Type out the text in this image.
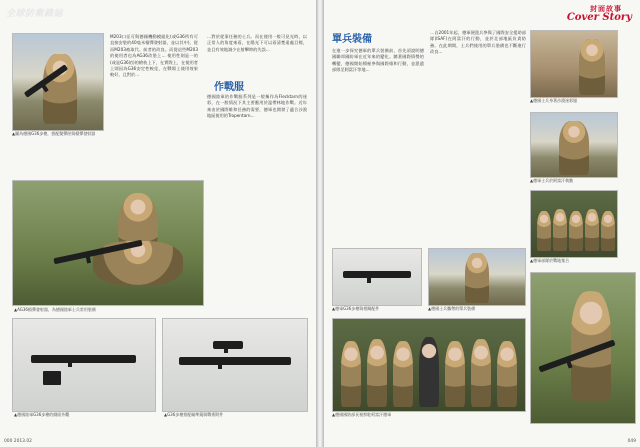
全球防衛雜誌
▲圖為德國G36步槍，搭配雙彈匣與榴彈發射器
M203口徑可與德國機動模組化(或G36所有可直接安裝的40毫米榴彈發射器，並以其中)，從而M203被取代。前者的改良。而從這些M203的使用者也為AG36改裝上… 使用性則是一的(或是G36的)的槍枝上下，在實際上，在使用者上則因為G36安定性較佳，在戰場上使用效果較好，且對於…
…對於從事任務的士兵。而在使用一般可見光時，以正常人的角度來看，在陽光下可以看清楚遠處目標，並且有效地減少在射擊時的失誤…
作戰服
德國陸軍的作戰服系列是一般稱作為Flecktarn的迷彩，在一般情況下其主要應用於溫帶林地作戰。近年來由於國際維和任務的需要，德軍也開發了適合沙漠地區使用的Tropentarn…
▲AG36榴彈發射器，為德國陸軍士兵常用裝備
▲德國陸軍G36步槍的側面外觀	▲G36步槍搭配瞄準鏡與戰術附件
000 2013.02
封面故事
Cover Story
單兵裝備
在進一步探究德軍的單兵裝備前，首先須說明德國聯邦國防軍在近年來的變化。隨著國際情勢的轉變，德國開始積極參與國際維和行動，並派遣部隊至阿富汗等地…
…自2001年起，德軍便派兵參與了國際安全援助部隊(ISAF)在阿富汗的行動，並於北部地區負責防務。在此期間，士兵們使用的單兵裝備也不斷進行改良…
▲德國士兵身著沙漠迷彩服
▲德軍士兵於阿富汗執勤
▲德軍部隊於戰地集合
▲德軍G36步槍與相關配件	▲德國士兵攜帶的單兵裝備
▲德國國防部長視察駐阿富汗德軍
049
